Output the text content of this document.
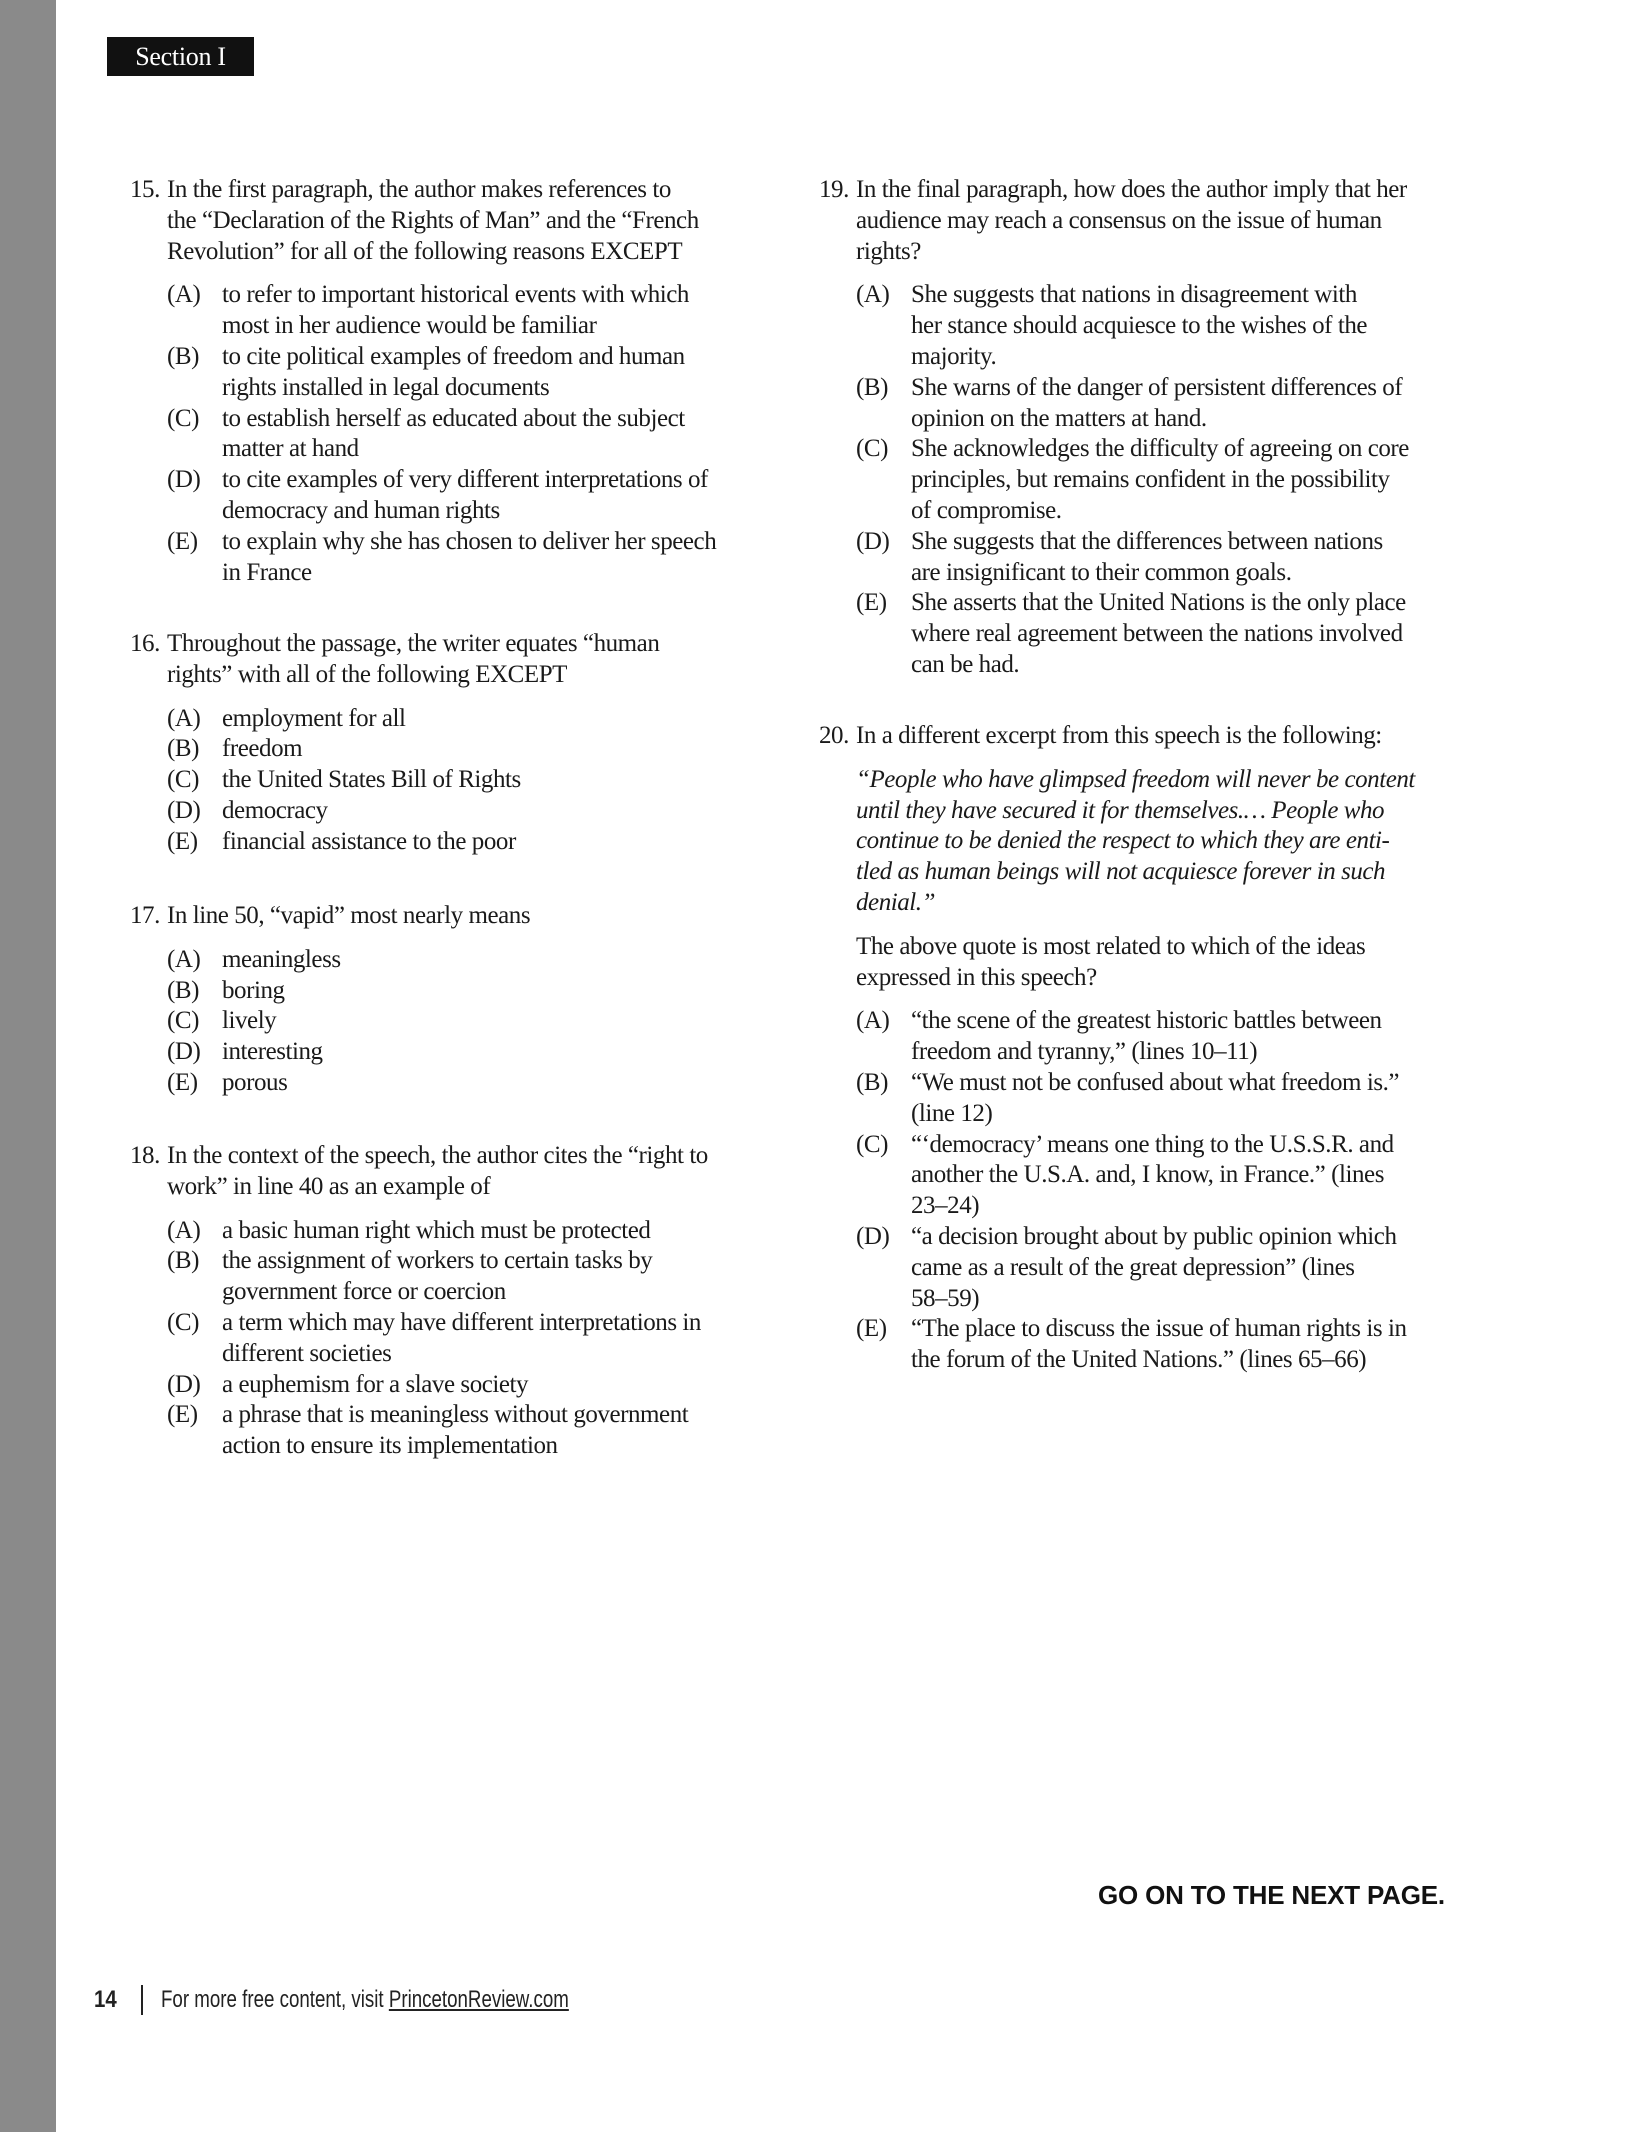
Section I
15. In the first paragraph, the author makes references to
the “Declaration of the Rights of Man” and the “French
Revolution” for all of the following reasons EXCEPT
(A) to refer to important historical events with which
most in her audience would be familiar
(B) to cite political examples of freedom and human
rights installed in legal documents
(C) to establish herself as educated about the subject
matter at hand
(D) to cite examples of very different interpretations of
democracy and human rights
(E) to explain why she has chosen to deliver her speech
in France
16. Throughout the passage, the writer equates “human
rights” with all of the following EXCEPT
(A) employment for all
(B) freedom
(C) the United States Bill of Rights
(D) democracy
(E) financial assistance to the poor
17. In line 50, “vapid” most nearly means
(A) meaningless
(B) boring
(C) lively
(D) interesting
(E) porous
18. In the context of the speech, the author cites the “right to
work” in line 40 as an example of
(A) a basic human right which must be protected
(B) the assignment of workers to certain tasks by
government force or coercion
(C) a term which may have different interpretations in
different societies
(D) a euphemism for a slave society
(E) a phrase that is meaningless without government
action to ensure its implementation
19. In the final paragraph, how does the author imply that her
audience may reach a consensus on the issue of human
rights?
(A) She suggests that nations in disagreement with
her stance should acquiesce to the wishes of the
majority.
(B) She warns of the danger of persistent differences of
opinion on the matters at hand.
(C) She acknowledges the difficulty of agreeing on core
principles, but remains confident in the possibility
of compromise.
(D) She suggests that the differences between nations
are insignificant to their common goals.
(E) She asserts that the United Nations is the only place
where real agreement between the nations involved
can be had.
20. In a different excerpt from this speech is the following:
“People who have glimpsed freedom will never be content
until they have secured it for themselves.… People who
continue to be denied the respect to which they are enti-
tled as human beings will not acquiesce forever in such
denial.”
The above quote is most related to which of the ideas
expressed in this speech?
(A) “the scene of the greatest historic battles between
freedom and tyranny,” (lines 10–11)
(B) “We must not be confused about what freedom is.”
(line 12)
(C) “‘democracy’ means one thing to the U.S.S.R. and
another the U.S.A. and, I know, in France.” (lines
23–24)
(D) “a decision brought about by public opinion which
came as a result of the great depression” (lines
58–59)
(E) “The place to discuss the issue of human rights is in
the forum of the United Nations.” (lines 65–66)
GO ON TO THE NEXT PAGE.
14 For more free content, visit PrincetonReview.com
